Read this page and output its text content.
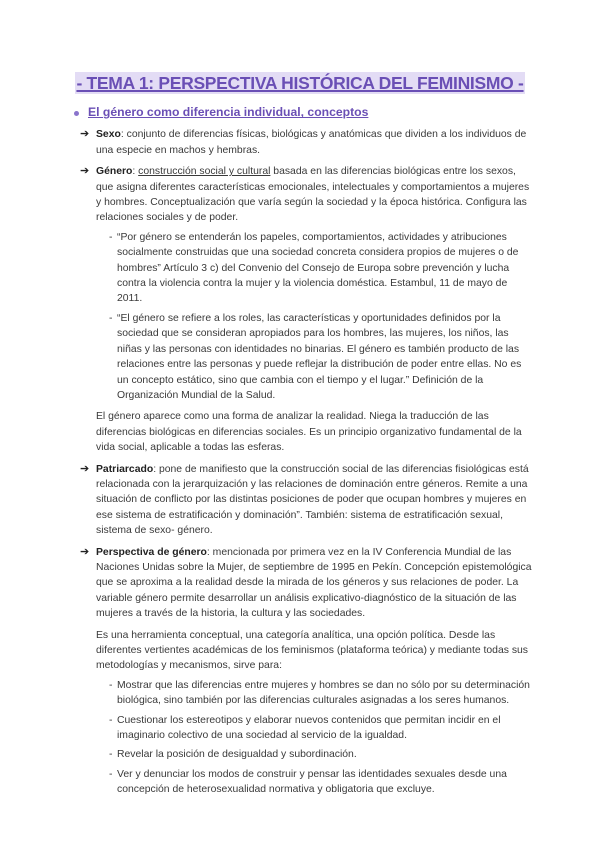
- TEMA 1: PERSPECTIVA HISTÓRICA DEL FEMINISMO -
El género como diferencia individual, conceptos
➔ Sexo: conjunto de diferencias físicas, biológicas y anatómicas que dividen a los individuos de una especie en machos y hembras.
➔ Género: construcción social y cultural basada en las diferencias biológicas entre los sexos, que asigna diferentes características emocionales, intelectuales y comportamientos a mujeres y hombres. Conceptualización que varía según la sociedad y la época histórica. Configura las relaciones sociales y de poder.
- “Por género se entenderán los papeles, comportamientos, actividades y atribuciones socialmente construidas que una sociedad concreta considera propios de mujeres o de hombres” Artículo 3 c) del Convenio del Consejo de Europa sobre prevención y lucha contra la violencia contra la mujer y la violencia doméstica. Estambul, 11 de mayo de 2011.
- “El género se refiere a los roles, las características y oportunidades definidos por la sociedad que se consideran apropiados para los hombres, las mujeres, los niños, las niñas y las personas con identidades no binarias. El género es también producto de las relaciones entre las personas y puede reflejar la distribución de poder entre ellas. No es un concepto estático, sino que cambia con el tiempo y el lugar.” Definición de la Organización Mundial de la Salud.
El género aparece como una forma de analizar la realidad. Niega la traducción de las diferencias biológicas en diferencias sociales. Es un principio organizativo fundamental de la vida social, aplicable a todas las esferas.
➔ Patriarcado: pone de manifiesto que la construcción social de las diferencias fisiológicas está relacionada con la jerarquización y las relaciones de dominación entre géneros. Remite a una situación de conflicto por las distintas posiciones de poder que ocupan hombres y mujeres en ese sistema de estratificación y dominación”. También: sistema de estratificación sexual, sistema de sexo- género.
➔ Perspectiva de género: mencionada por primera vez en la IV Conferencia Mundial de las Naciones Unidas sobre la Mujer, de septiembre de 1995 en Pekín. Concepción epistemológica que se aproxima a la realidad desde la mirada de los géneros y sus relaciones de poder. La variable género permite desarrollar un análisis explicativo-diagnóstico de la situación de las mujeres a través de la historia, la cultura y las sociedades.
Es una herramienta conceptual, una categoría analítica, una opción política. Desde las diferentes vertientes académicas de los feminismos (plataforma teórica) y mediante todas sus metodologías y mecanismos, sirve para:
- Mostrar que las diferencias entre mujeres y hombres se dan no sólo por su determinación biológica, sino también por las diferencias culturales asignadas a los seres humanos.
- Cuestionar los estereotipos y elaborar nuevos contenidos que permitan incidir en el imaginario colectivo de una sociedad al servicio de la igualdad.
- Revelar la posición de desigualdad y subordinación.
- Ver y denunciar los modos de construir y pensar las identidades sexuales desde una concepción de heterosexualidad normativa y obligatoria que excluye.
